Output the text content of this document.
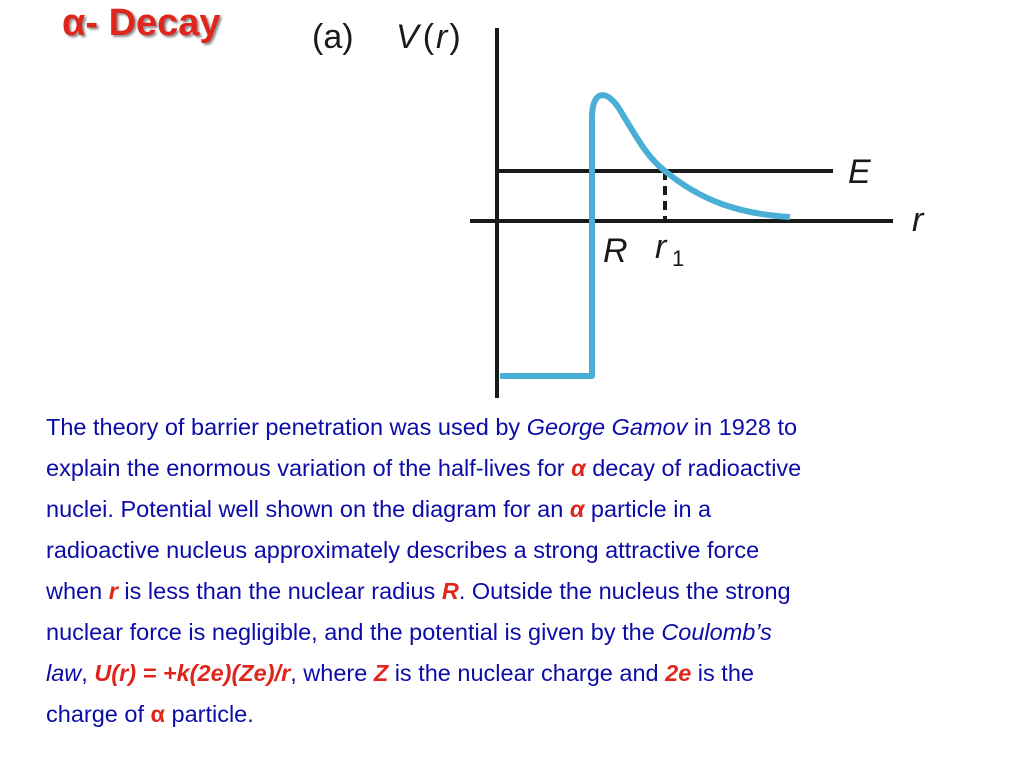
α- Decay	(a) V (r)
E
r
R r 1

The theory of barrier penetration was used by George Gamov in 1928 to
explain the enormous variation of the half-lives for α decay of radioactive
nuclei. Potential well shown on the diagram for an α particle in a
radioactive nucleus approximately describes a strong attractive force
when r is less than the nuclear radius R. Outside the nucleus the strong
nuclear force is negligible, and the potential is given by the Coulomb’s
law, U(r) = +k(2e)(Ze)/r, where Z is the nuclear charge and 2e is the
charge of α particle.
